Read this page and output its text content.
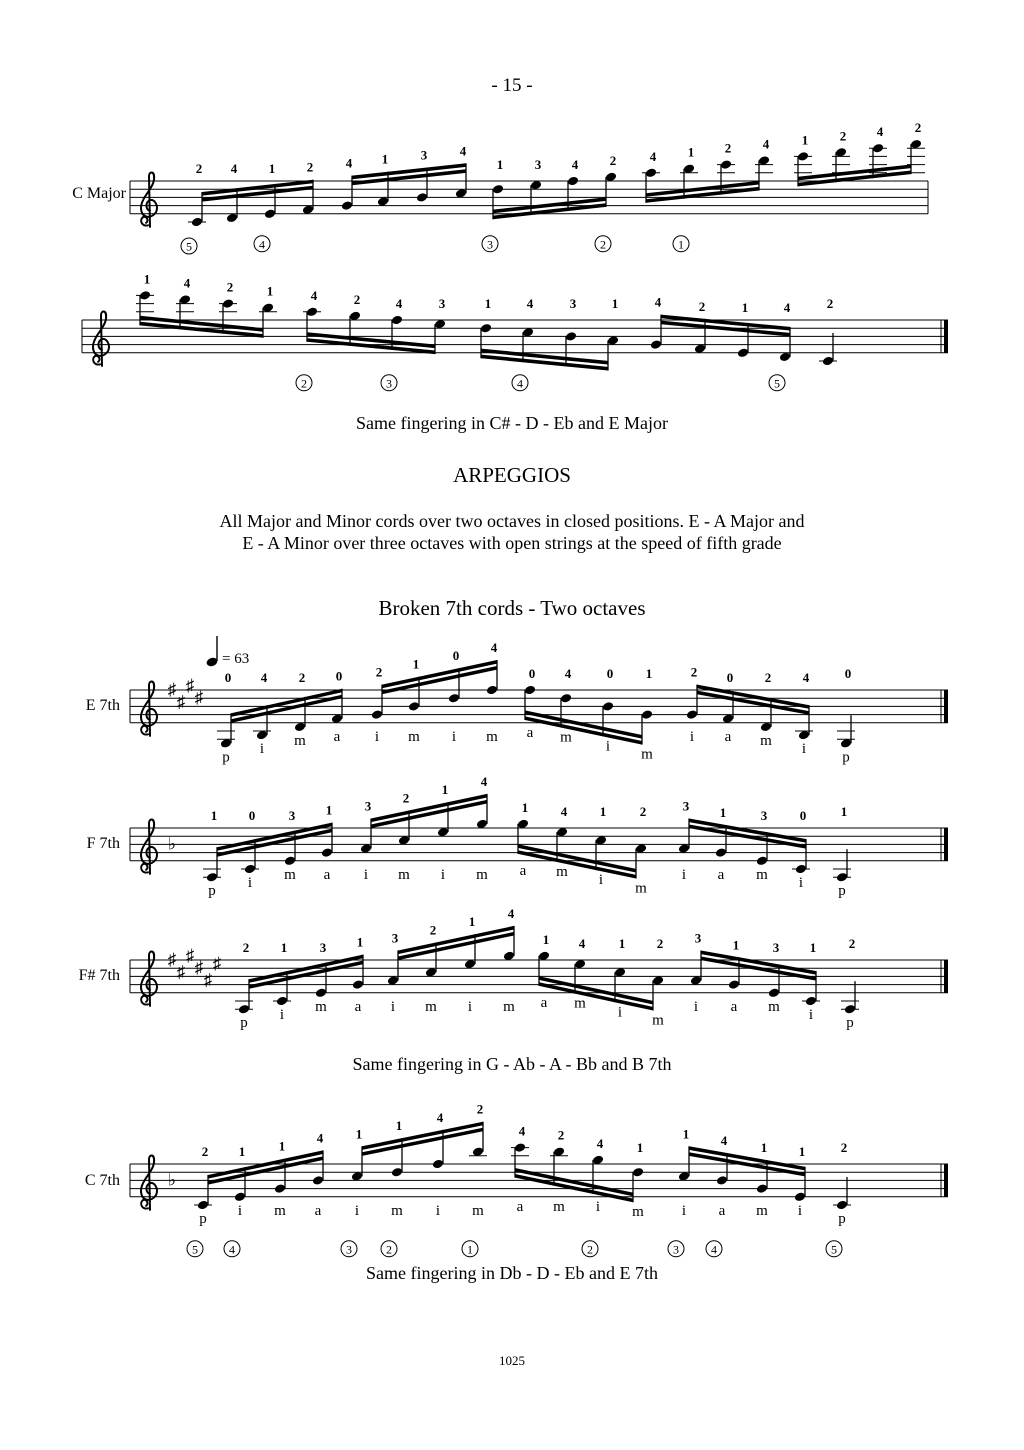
- 15 -
C Major
E 7th
F 7th
F# 7th
C 7th
Same fingering in C# - D - Eb and E Major
ARPEGGIOS
All Major and Minor cords over two octaves in closed positions. E - A Major and
E - A Minor over three octaves with open strings at the speed of fifth grade
Broken 7th cords - Two octaves
= 63
Same fingering in G - Ab - A - Bb and B 7th
Same fingering in Db - D - Eb and E 7th
1025
2 4 1 2	4 1	3	4
1 3 4 2	4 1 2 4	1 2 4 2
5	4	3	2	1
1	4	2	1	4	2	4	3	1	4	3	1	4	2	1	4	2
2	3	4	5
♯
♯
♯
♯
0 4 2 0	2
1
0
4
0 4	0	1	2 0 2 4	0
p
i
m a i m i m a m
i
m
i a m
i
p
♭
1 0	3 1	3
2
1
4
1	4	1	2	3 1	3	0	1
p
i
m a i m i m a m
i
m
i a m
i
p
♯
♯
♯
♯
♯
♯
2 1	3 1 3
2
1
4
1 4	1 2 3 1	3 1	2
p
i
m a i m i m a m
i
m
i a m
i
p
♭
2 1	1
4	1
1
4
2
4	2
4	1
1 4	1 1	2
p
i m a i m i m a m i m	i a m i
p
5	4	3	2	1	2	3	4	5
